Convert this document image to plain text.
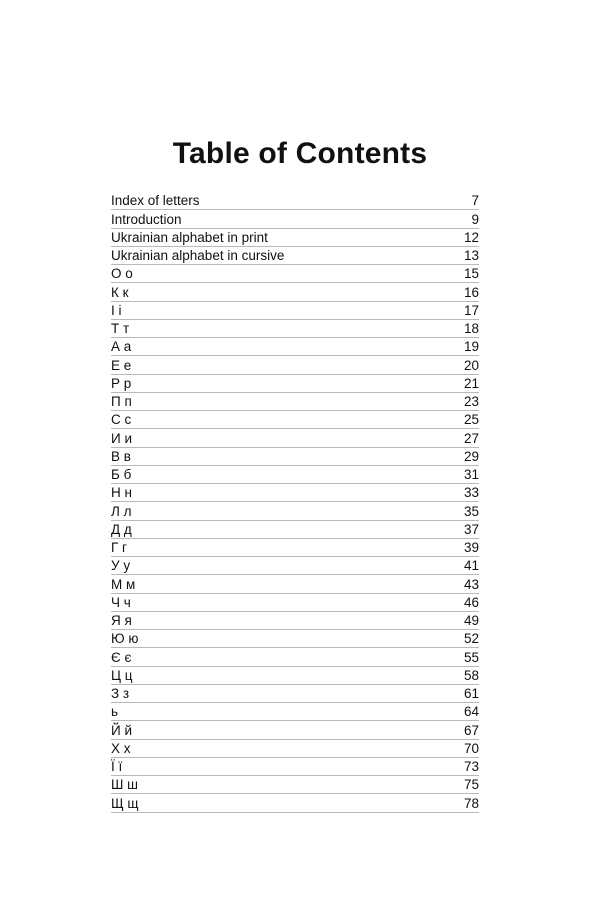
Table of Contents
Index of letters	7
Introduction	9
Ukrainian alphabet in print	12
Ukrainian alphabet in cursive	13
О о	15
К к	16
І і	17
Т т	18
А а	19
Е е	20
Р р	21
П п	23
С с	25
И и	27
В в	29
Б б	31
Н н	33
Л л	35
Д д	37
Г г	39
У у	41
М м	43
Ч ч	46
Я я	49
Ю ю	52
Є є	55
Ц ц	58
З з	61
ь	64
Й й	67
Х х	70
Ї ї	73
Ш ш	75
Щ щ	78
